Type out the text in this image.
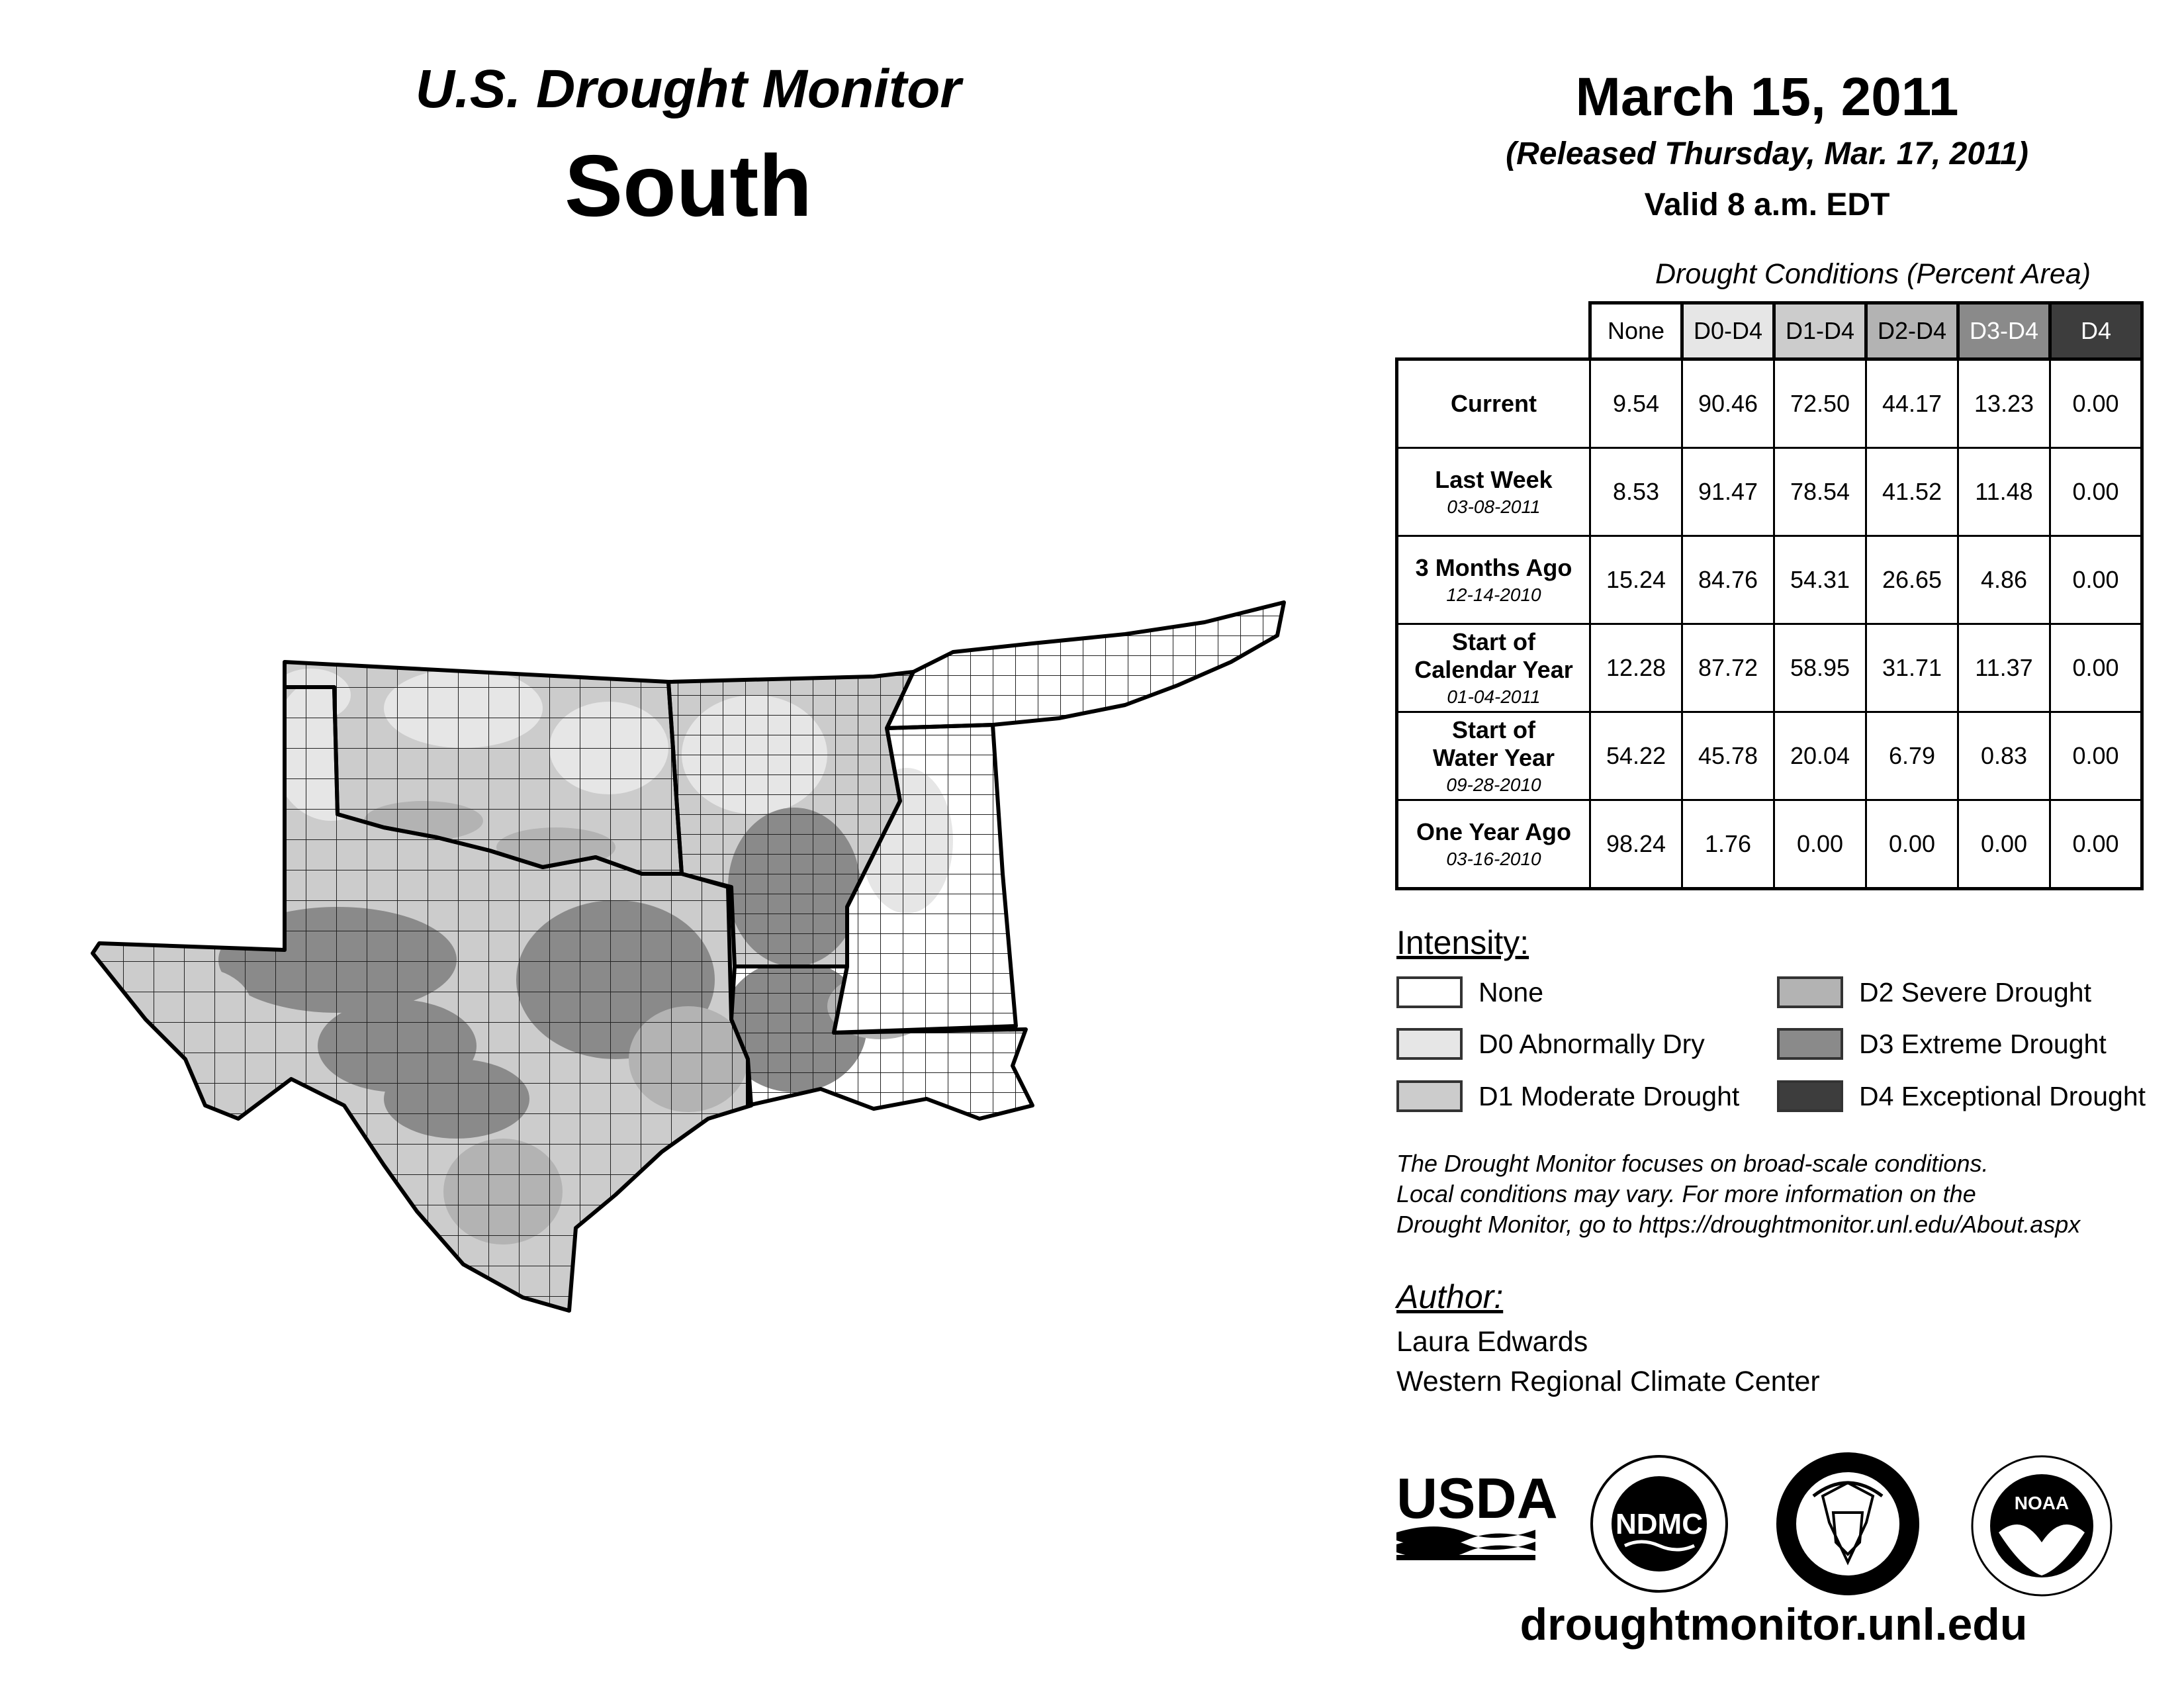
U.S. Drought Monitor
South
March 15, 2011
(Released Thursday, Mar. 17, 2011)
Valid 8 a.m. EDT
Drought Conditions (Percent Area)
	None	D0-D4	D1-D4	D2-D4	D3-D4	D4

Current	9.54	90.46	72.50	44.17	13.23	0.00

Last Week
03-08-2011	8.53	91.47	78.54	41.52	11.48	0.00

3 Months Ago
12-14-2010	15.24	84.76	54.31	26.65	4.86	0.00

Start of
Calendar Year
01-04-2011	12.28	87.72	58.95	31.71	11.37	0.00

Start of
Water Year
09-28-2010	54.22	45.78	20.04	6.79	0.83	0.00

One Year Ago
03-16-2010	98.24	1.76	0.00	0.00	0.00	0.00
Intensity:
None
D0 Abnormally Dry
D1 Moderate Drought
D2 Severe Drought
D3 Extreme Drought
D4 Exceptional Drought
The Drought Monitor focuses on broad-scale conditions.
Local conditions may vary. For more information on the
Drought Monitor, go to https://droughtmonitor.unl.edu/About.aspx
Author:
Laura Edwards
Western Regional Climate Center
USDA NDMC
NOAA
droughtmonitor.unl.edu
